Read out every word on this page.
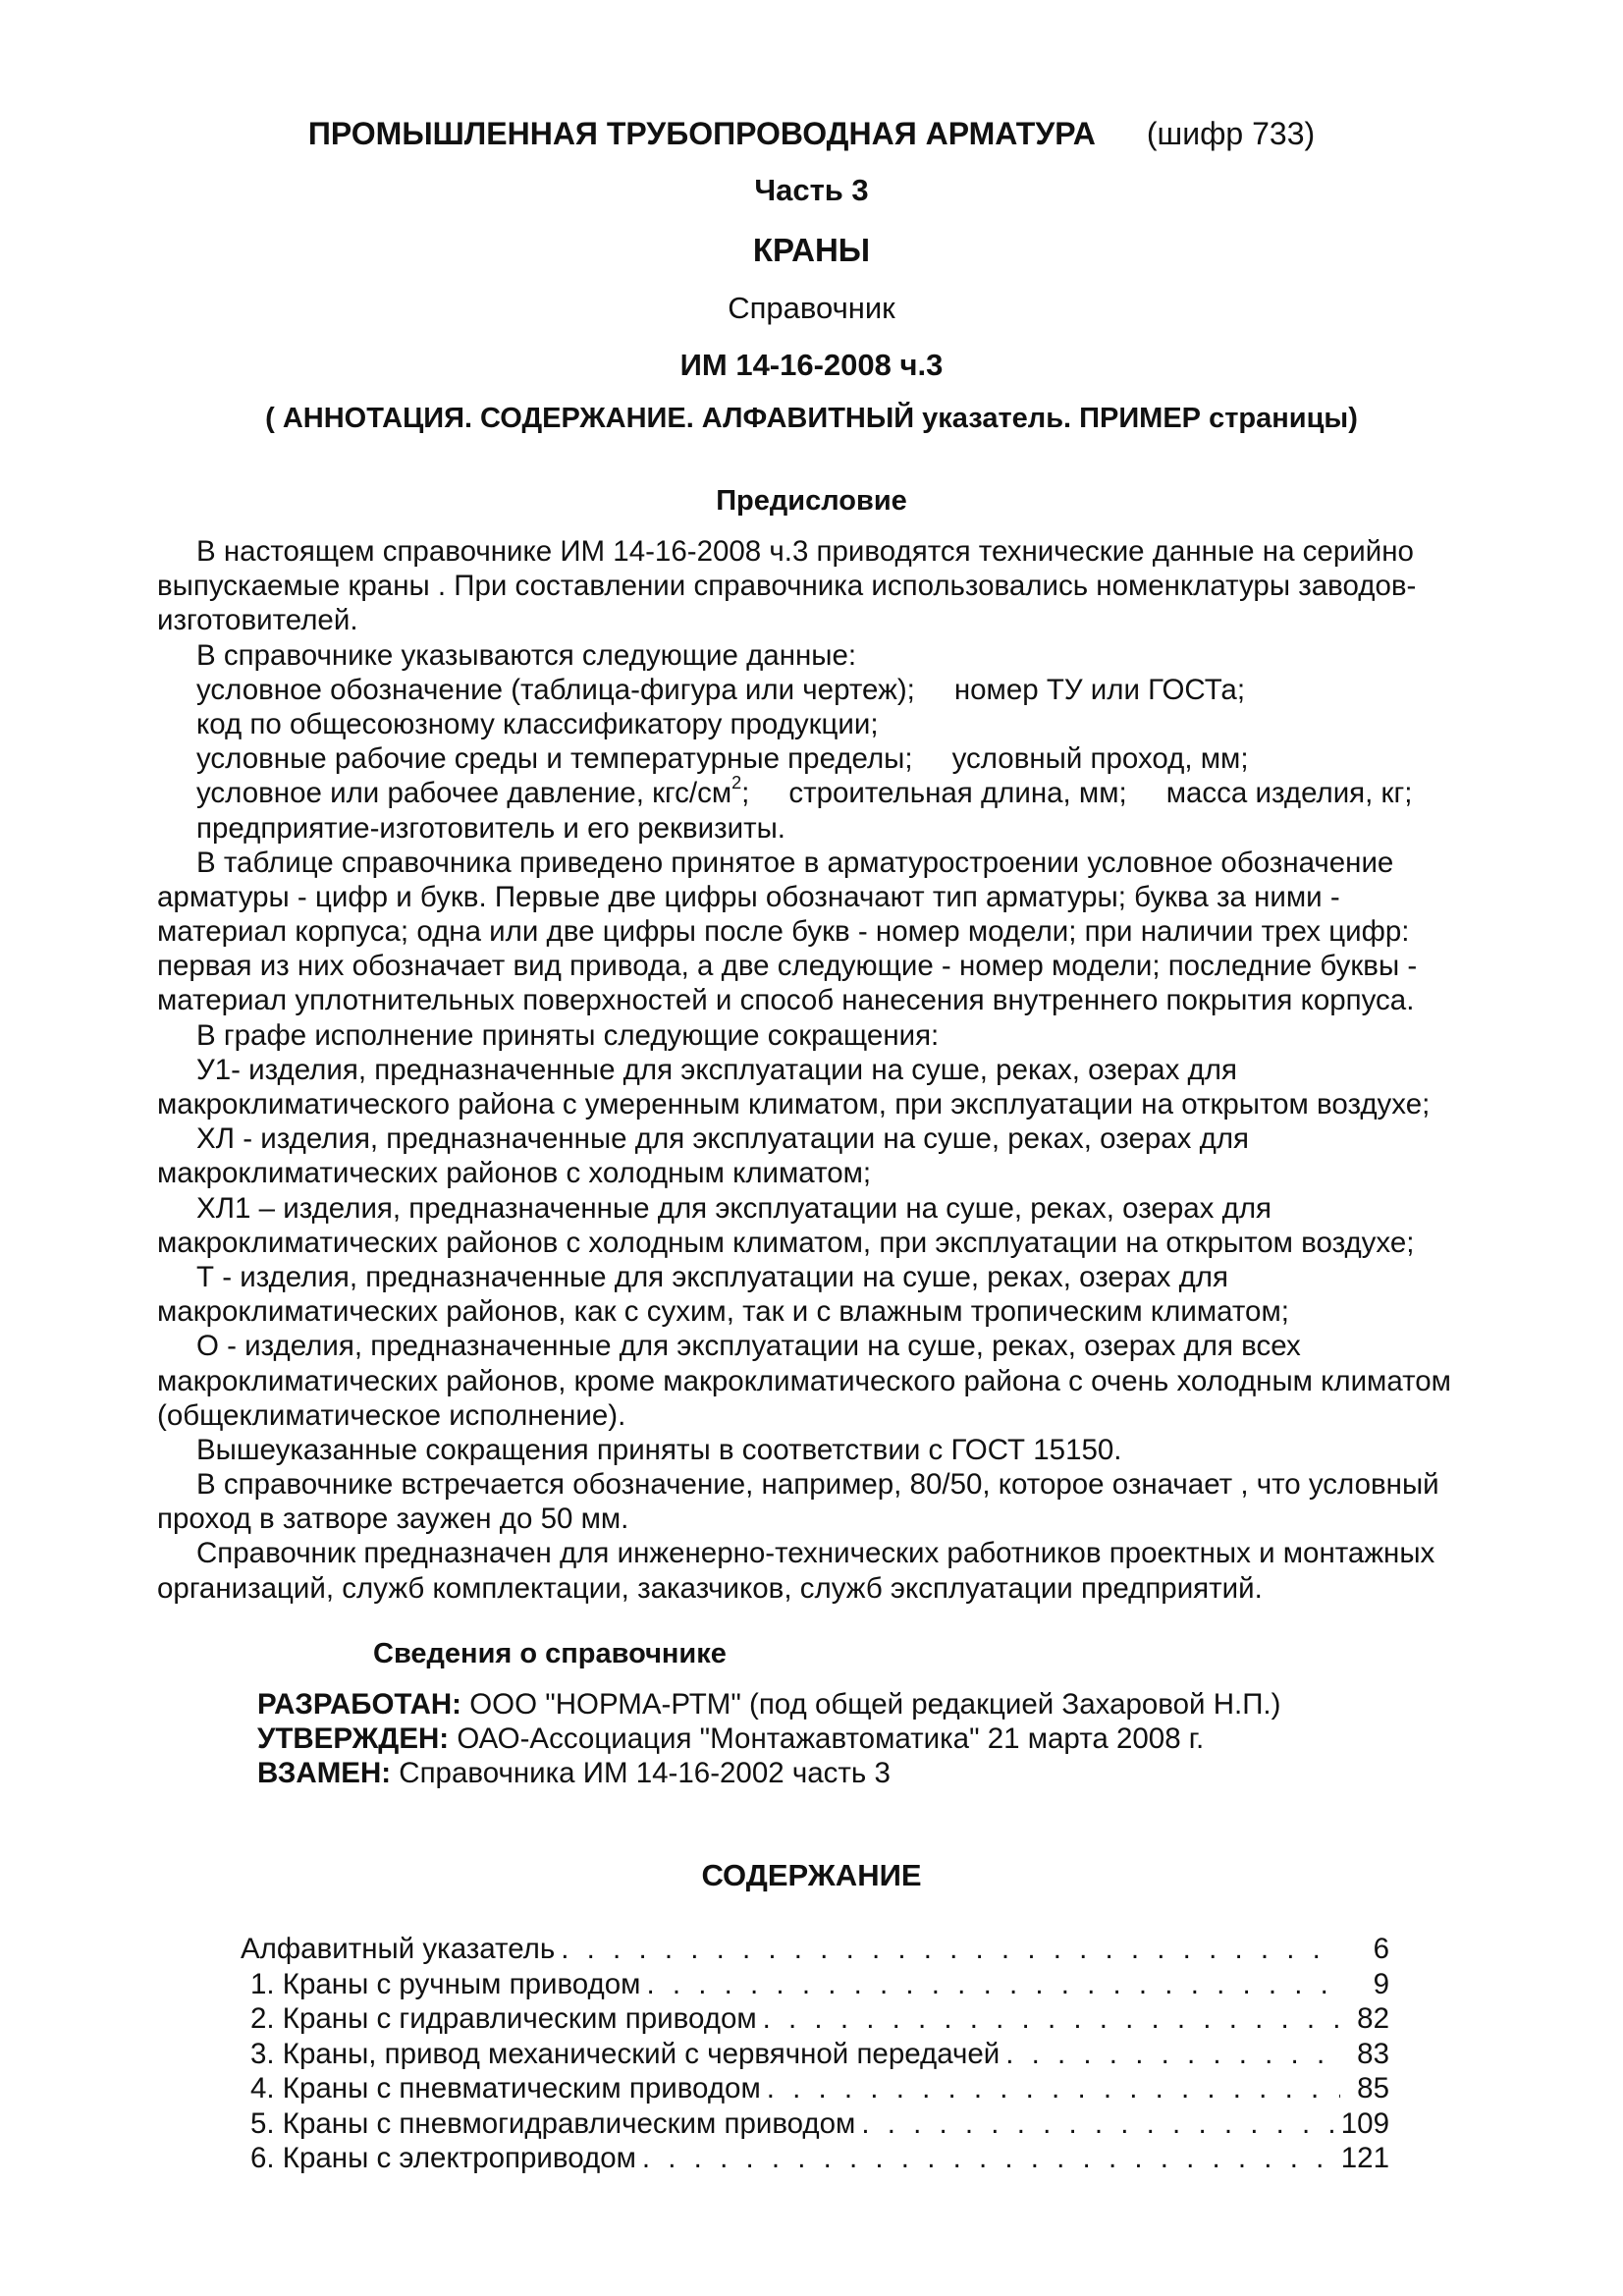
ПРОМЫШЛЕННАЯ ТРУБОПРОВОДНАЯ АРМАТУРА (шифр 733)
Часть 3
КРАНЫ
Справочник
ИМ 14-16-2008 ч.3
( АННОТАЦИЯ. СОДЕРЖАНИЕ. АЛФАВИТНЫЙ указатель. ПРИМЕР страницы)
Предисловие
В настоящем справочнике ИМ 14-16-2008 ч.3 приводятся технические данные на серийно
выпускаемые краны . При составлении справочника использовались номенклатуры заводов-
изготовителей.
В справочнике указываются следующие данные:
условное обозначение (таблица-фигура или чертеж); номер ТУ или ГОСТа;
код по общесоюзному классификатору продукции;
условные рабочие среды и температурные пределы; условный проход, мм;
условное или рабочее давление, кгс/$см^2$; строительная длина, мм; масса изделия, кг;
предприятие-изготовитель и его реквизиты.
В таблице справочника приведено принятое в арматуростроении условное обозначение
арматуры - цифр и букв. Первые две цифры обозначают тип арматуры; буква за ними -
материал корпуса; одна или две цифры после букв - номер модели; при наличии трех цифр:
первая из них обозначает вид привода, а две следующие - номер модели; последние буквы -
материал уплотнительных поверхностей и способ нанесения внутреннего покрытия корпуса.
В графе исполнение приняты следующие сокращения:
У1- изделия, предназначенные для эксплуатации на суше, реках, озерах для
макроклиматического района с умеренным климатом, при эксплуатации на открытом воздухе;
ХЛ - изделия, предназначенные для эксплуатации на суше, реках, озерах для
макроклиматических районов с холодным климатом;
ХЛ1 – изделия, предназначенные для эксплуатации на суше, реках, озерах для
макроклиматических районов с холодным климатом, при эксплуатации на открытом воздухе;
Т - изделия, предназначенные для эксплуатации на суше, реках, озерах для
макроклиматических районов, как с сухим, так и с влажным тропическим климатом;
О - изделия, предназначенные для эксплуатации на суше, реках, озерах для всех
макроклиматических районов, кроме макроклиматического района с очень холодным климатом
(общеклиматическое исполнение).
Вышеуказанные сокращения приняты в соответствии с ГОСТ 15150.
В справочнике встречается обозначение, например, 80/50, которое означает , что условный
проход в затворе заужен до 50 мм.
Справочник предназначен для инженерно-технических работников проектных и монтажных
организаций, служб комплектации, заказчиков, служб эксплуатации предприятий.
Сведения о справочнике
РАЗРАБОТАН: ООО "НОРМА-РТМ" (под общей редакцией Захаровой Н.П.)
УТВЕРЖДЕН: ОАО-Ассоциация "Монтажавтоматика" 21 марта 2008 г.
ВЗАМЕН: Справочника ИМ 14-16-2002 часть 3
СОДЕРЖАНИЕ
Алфавитный указатель . . .	6
1. Краны с ручным приводом . . .	9
2. Краны с гидравлическим приводом . . .	82
3. Краны, привод механический с червячной передачей . . .	83
4. Краны с пневматическим приводом . . .	85
5. Краны с пневмогидравлическим приводом . . .	109
6. Краны с электроприводом . . .	121
